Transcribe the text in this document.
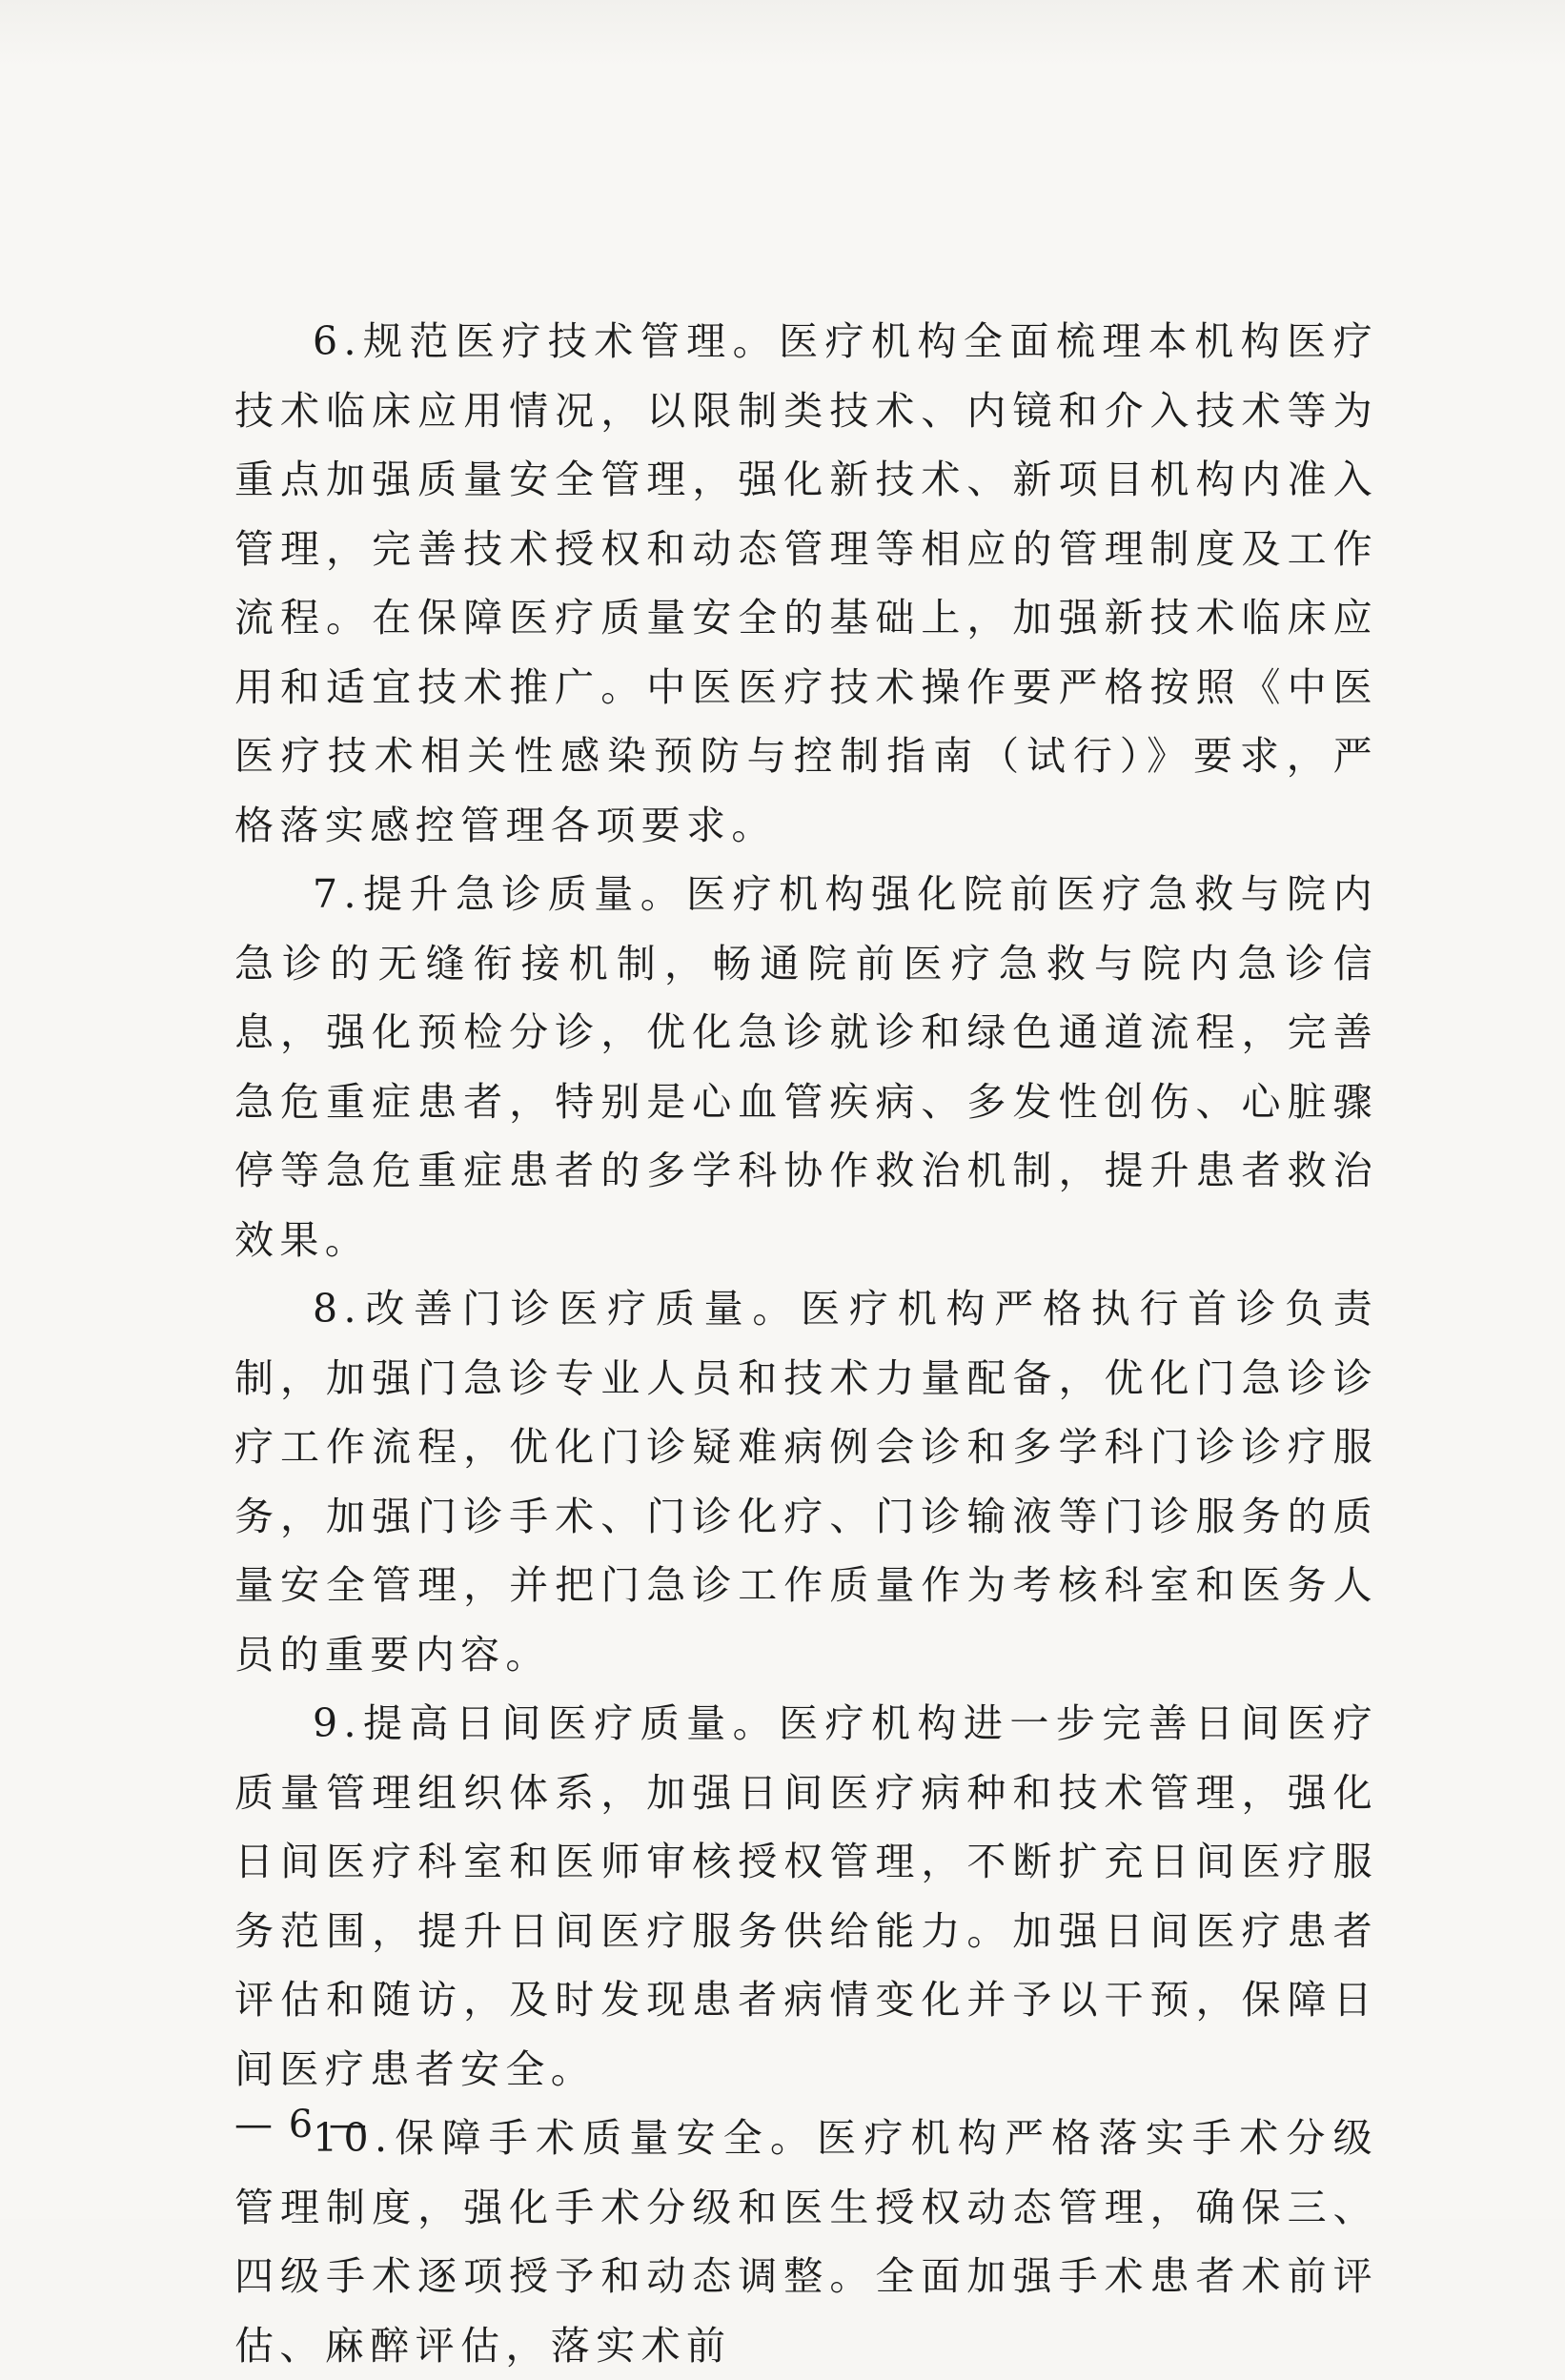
6.规范医疗技术管理。医疗机构全面梳理本机构医疗技术临床应用情况，以限制类技术、内镜和介入技术等为重点加强质量安全管理，强化新技术、新项目机构内准入管理，完善技术授权和动态管理等相应的管理制度及工作流程。在保障医疗质量安全的基础上，加强新技术临床应用和适宜技术推广。中医医疗技术操作要严格按照《中医医疗技术相关性感染预防与控制指南（试行）》要求，严格落实感控管理各项要求。

7.提升急诊质量。医疗机构强化院前医疗急救与院内急诊的无缝衔接机制，畅通院前医疗急救与院内急诊信息，强化预检分诊，优化急诊就诊和绿色通道流程，完善急危重症患者，特别是心血管疾病、多发性创伤、心脏骤停等急危重症患者的多学科协作救治机制，提升患者救治效果。

8.改善门诊医疗质量。医疗机构严格执行首诊负责制，加强门急诊专业人员和技术力量配备，优化门急诊诊疗工作流程，优化门诊疑难病例会诊和多学科门诊诊疗服务，加强门诊手术、门诊化疗、门诊输液等门诊服务的质量安全管理，并把门急诊工作质量作为考核科室和医务人员的重要内容。

9.提高日间医疗质量。医疗机构进一步完善日间医疗质量管理组织体系，加强日间医疗病种和技术管理，强化日间医疗科室和医师审核授权管理，不断扩充日间医疗服务范围，提升日间医疗服务供给能力。加强日间医疗患者评估和随访，及时发现患者病情变化并予以干预，保障日间医疗患者安全。

10.保障手术质量安全。医疗机构严格落实手术分级管理制度，强化手术分级和医生授权动态管理，确保三、四级手术逐项授予和动态调整。全面加强手术患者术前评估、麻醉评估，落实术前

— 6 —
